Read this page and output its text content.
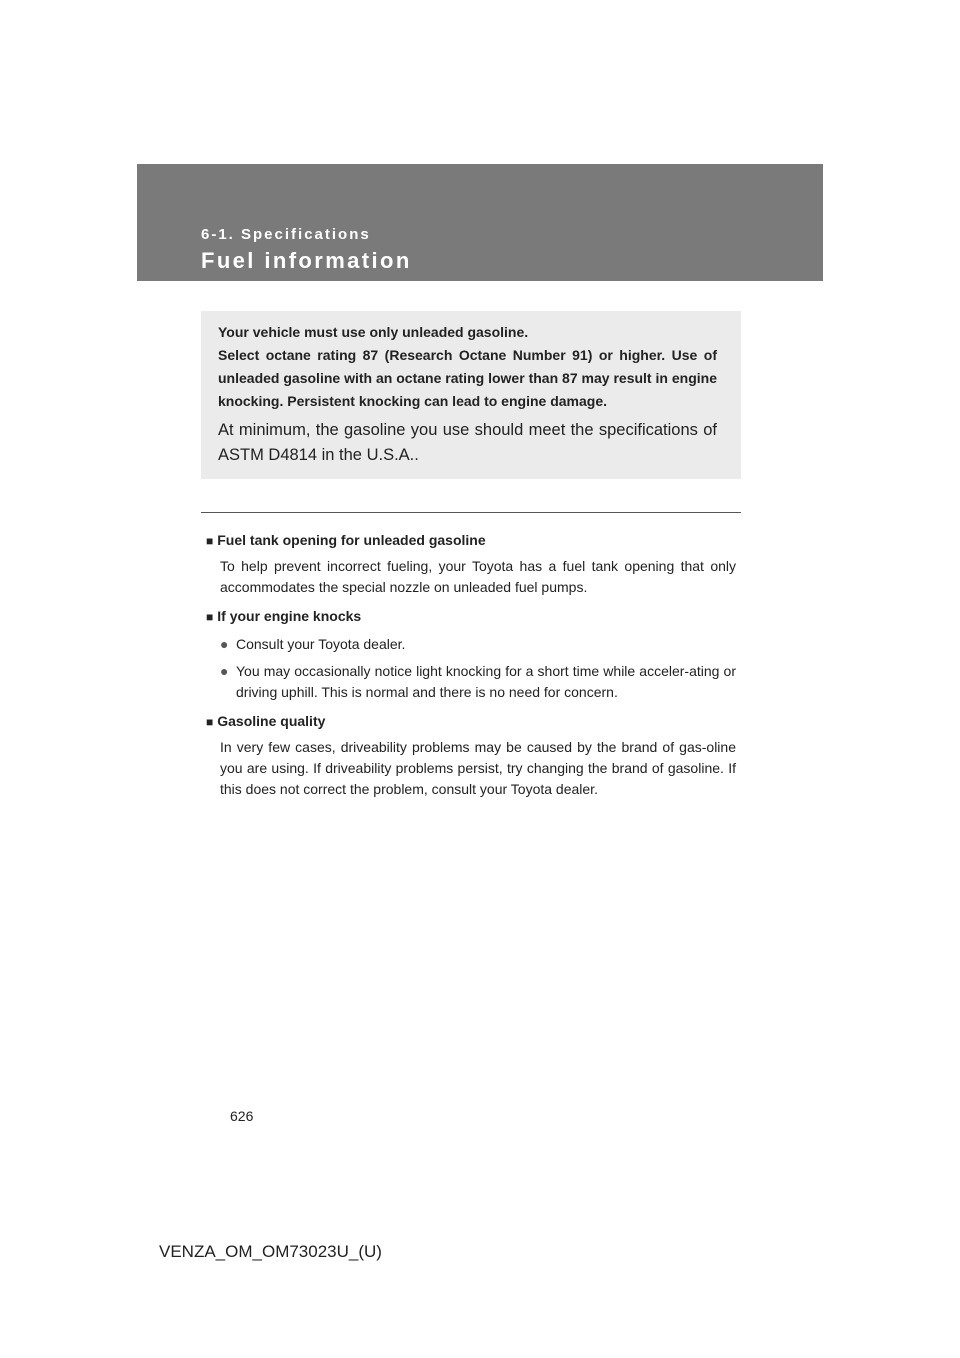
6-1. Specifications
Fuel information
Your vehicle must use only unleaded gasoline.
Select octane rating 87 (Research Octane Number 91) or higher. Use of unleaded gasoline with an octane rating lower than 87 may result in engine knocking. Persistent knocking can lead to engine damage.
At minimum, the gasoline you use should meet the specifications of ASTM D4814 in the U.S.A..
■ Fuel tank opening for unleaded gasoline
To help prevent incorrect fueling, your Toyota has a fuel tank opening that only accommodates the special nozzle on unleaded fuel pumps.
■ If your engine knocks
● Consult your Toyota dealer.
● You may occasionally notice light knocking for a short time while acceler-ating or driving uphill. This is normal and there is no need for concern.
■ Gasoline quality
In very few cases, driveability problems may be caused by the brand of gas-oline you are using. If driveability problems persist, try changing the brand of gasoline. If this does not correct the problem, consult your Toyota dealer.
626
VENZA_OM_OM73023U_(U)
